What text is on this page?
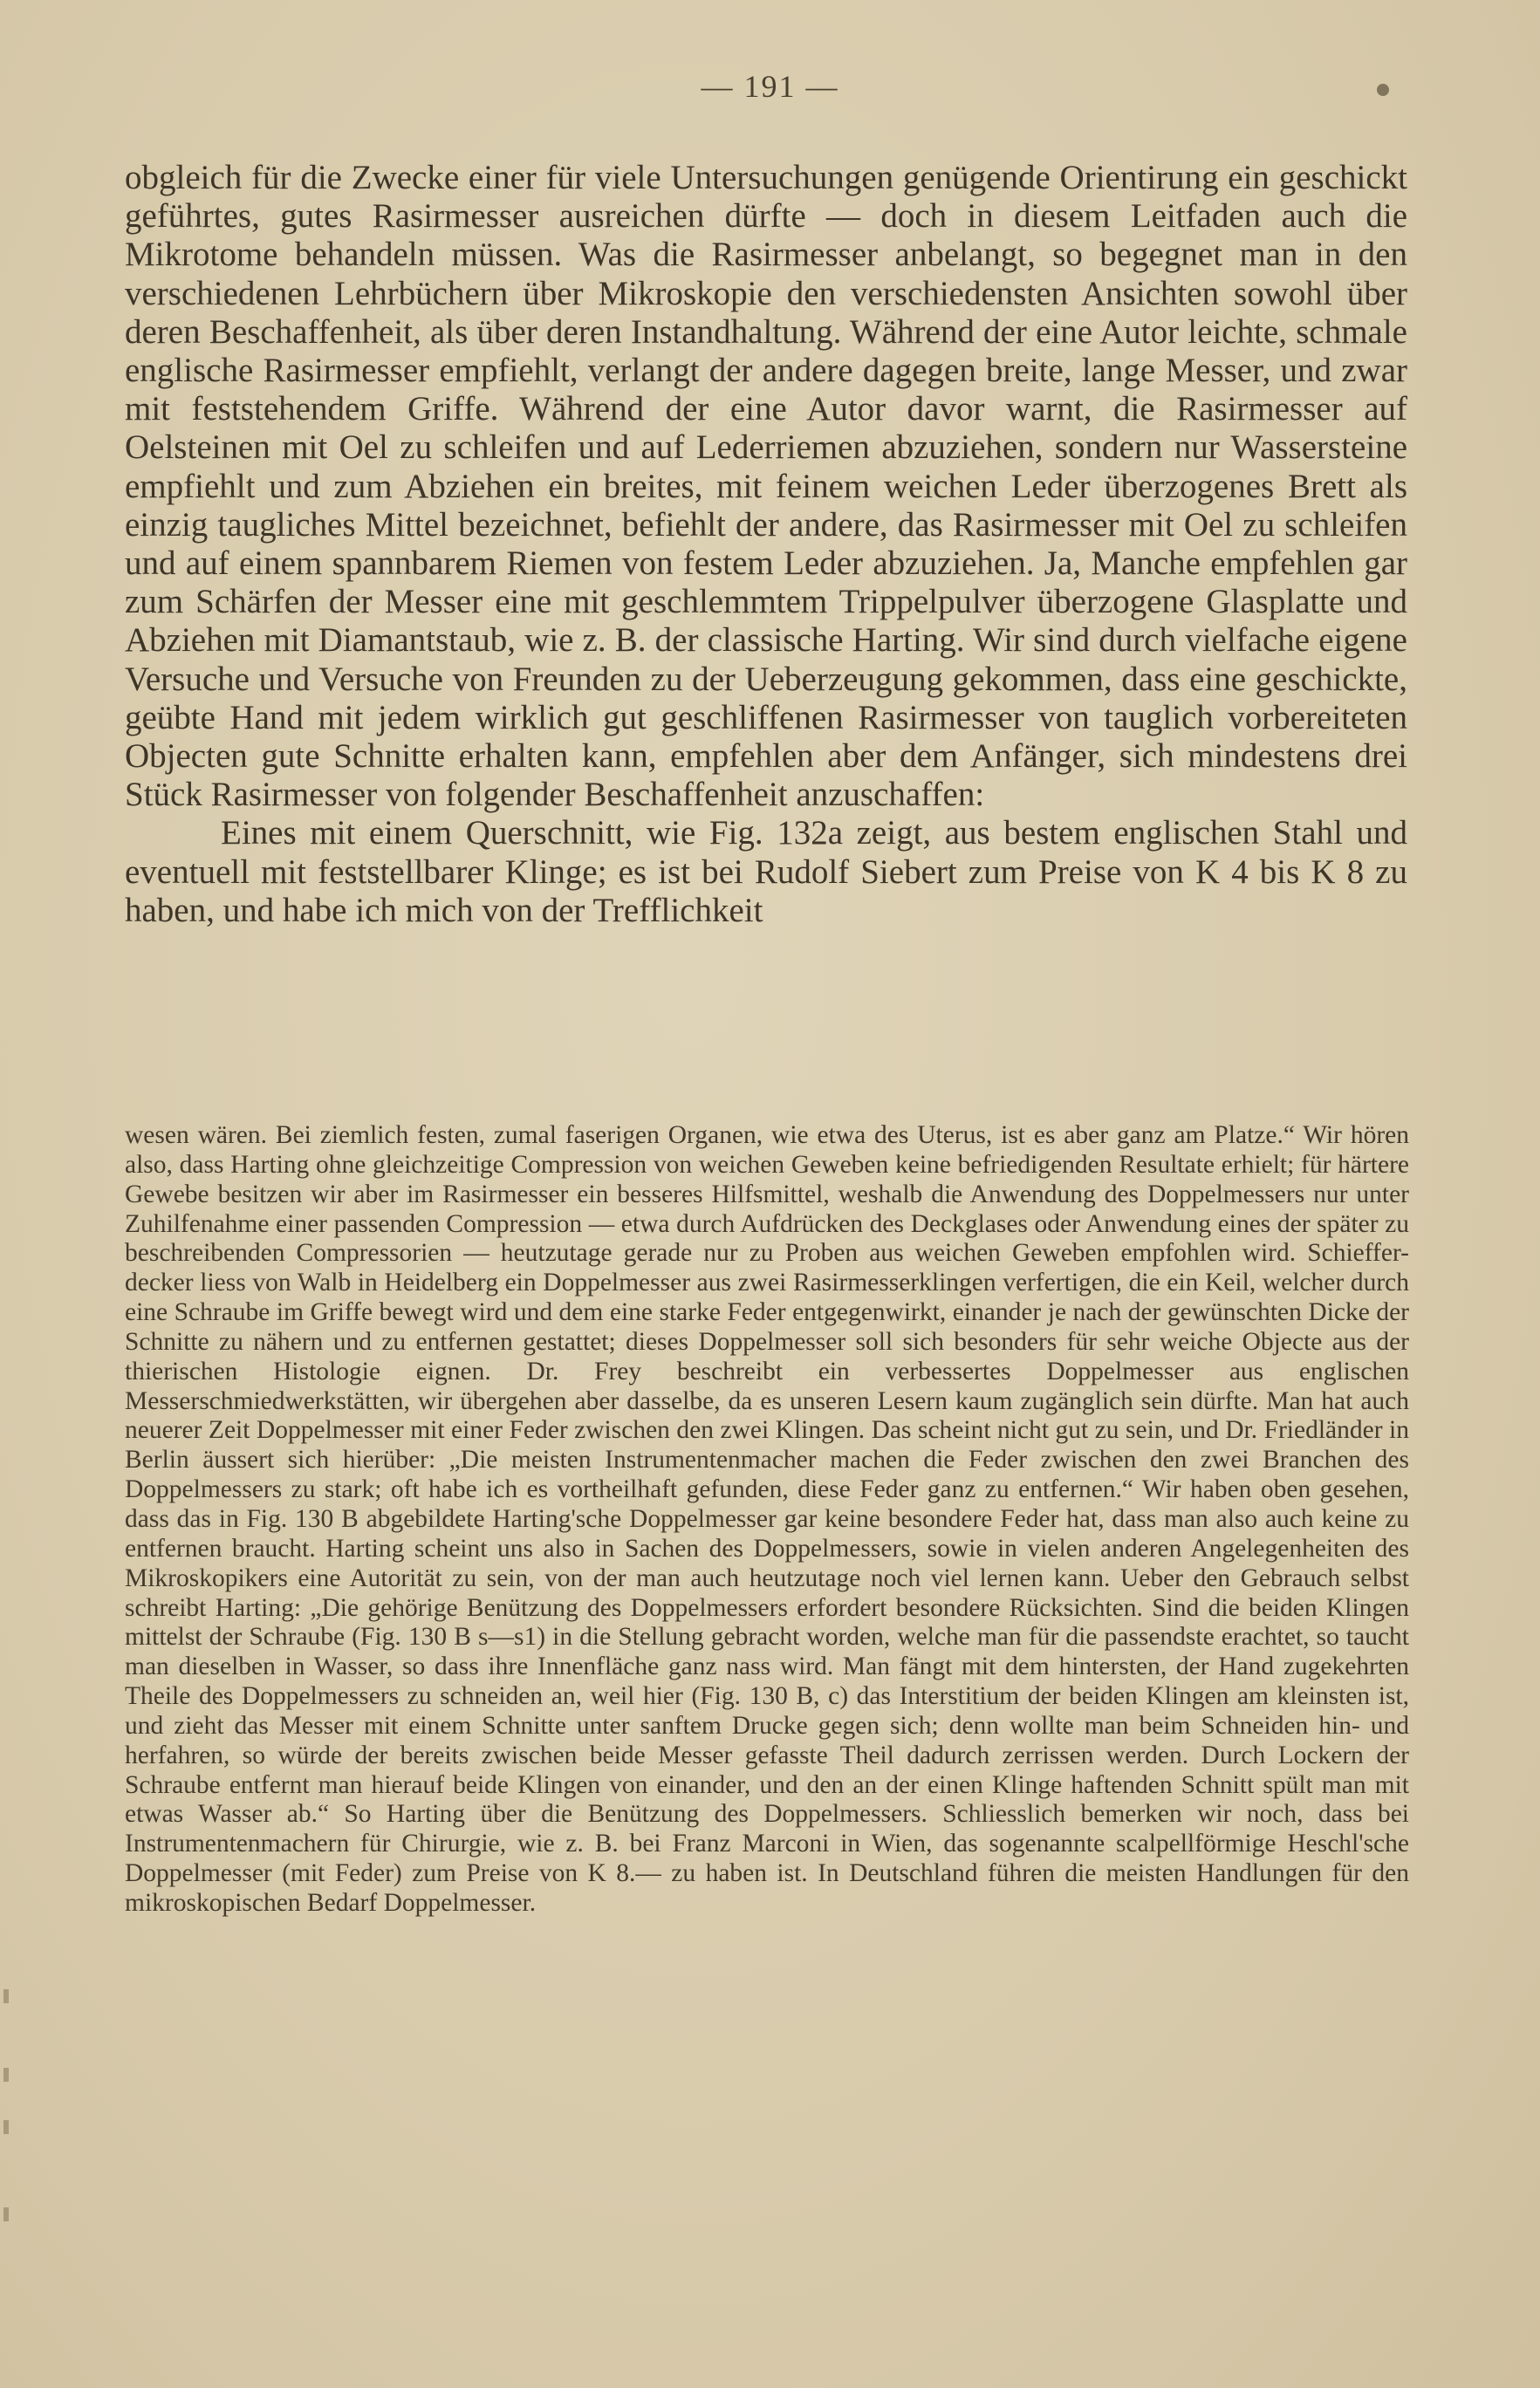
— 191 —

obgleich für die Zwecke einer für viele Untersuchungen genügende Orientirung ein geschickt geführtes, gutes Rasirmesser ausreichen dürfte — doch in diesem Leitfaden auch die Mikrotome behandeln müssen. Was die Rasirmesser anbelangt, so begegnet man in den verschiedenen Lehrbüchern über Mikroskopie den verschiedensten Ansichten sowohl über deren Beschaffenheit, als über deren Instandhaltung. Während der eine Autor leichte, schmale englische Rasirmesser empfiehlt, verlangt der andere dagegen breite, lange Messer, und zwar mit feststehendem Griffe. Während der eine Autor davor warnt, die Rasirmesser auf Oelsteinen mit Oel zu schleifen und auf Lederriemen abzuziehen, sondern nur Wassersteine empfiehlt und zum Abziehen ein breites, mit feinem weichen Leder überzogenes Brett als einzig taugliches Mittel bezeichnet, befiehlt der andere, das Rasirmesser mit Oel zu schleifen und auf einem spannbarem Riemen von festem Leder abzuziehen. Ja, Manche empfehlen gar zum Schärfen der Messer eine mit geschlemmtem Trippelpulver überzogene Glasplatte und Abziehen mit Diamantstaub, wie z. B. der classische Harting. Wir sind durch vielfache eigene Versuche und Versuche von Freunden zu der Ueberzeugung gekommen, dass eine geschickte, geübte Hand mit jedem wirklich gut geschliffenen Rasirmesser von tauglich vorbereiteten Objecten gute Schnitte erhalten kann, empfehlen aber dem Anfänger, sich mindestens drei Stück Rasirmesser von folgender Beschaffenheit anzuschaffen:

Eines mit einem Querschnitt, wie Fig. 132a zeigt, aus bestem englischen Stahl und eventuell mit feststellbarer Klinge; es ist bei Rudolf Siebert zum Preise von K 4 bis K 8 zu haben, und habe ich mich von der Trefflichkeit

wesen wären. Bei ziemlich festen, zumal faserigen Organen, wie etwa des Uterus, ist es aber ganz am Platze.“ Wir hören also, dass Harting ohne gleichzeitige Compression von weichen Geweben keine befriedigenden Resultate erhielt; für härtere Gewebe besitzen wir aber im Rasirmesser ein besseres Hilfsmittel, weshalb die Anwendung des Doppelmessers nur unter Zuhilfenahme einer passenden Compression — etwa durch Aufdrücken des Deckglases oder Anwendung eines der später zu beschreibenden Compressorien — heutzutage gerade nur zu Proben aus weichen Geweben empfohlen wird. Schieffer-decker liess von Walb in Heidelberg ein Doppelmesser aus zwei Rasirmesserklingen verfertigen, die ein Keil, welcher durch eine Schraube im Griffe bewegt wird und dem eine starke Feder entgegenwirkt, einander je nach der gewünschten Dicke der Schnitte zu nähern und zu entfernen gestattet; dieses Doppelmesser soll sich besonders für sehr weiche Objecte aus der thierischen Histologie eignen. Dr. Frey beschreibt ein verbessertes Doppelmesser aus englischen Messerschmiedwerkstätten, wir übergehen aber dasselbe, da es unseren Lesern kaum zugänglich sein dürfte. Man hat auch neuerer Zeit Doppelmesser mit einer Feder zwischen den zwei Klingen. Das scheint nicht gut zu sein, und Dr. Friedländer in Berlin äussert sich hierüber: „Die meisten Instrumentenmacher machen die Feder zwischen den zwei Branchen des Doppelmessers zu stark; oft habe ich es vortheilhaft gefunden, diese Feder ganz zu entfernen.“ Wir haben oben gesehen, dass das in Fig. 130 B abgebildete Harting'sche Doppelmesser gar keine besondere Feder hat, dass man also auch keine zu entfernen braucht. Harting scheint uns also in Sachen des Doppelmessers, sowie in vielen anderen Angelegenheiten des Mikroskopikers eine Autorität zu sein, von der man auch heutzutage noch viel lernen kann. Ueber den Gebrauch selbst schreibt Harting: „Die gehörige Benützung des Doppelmessers erfordert besondere Rücksichten. Sind die beiden Klingen mittelst der Schraube (Fig. 130 B s—s1) in die Stellung gebracht worden, welche man für die passendste erachtet, so taucht man dieselben in Wasser, so dass ihre Innenfläche ganz nass wird. Man fängt mit dem hintersten, der Hand zugekehrten Theile des Doppelmessers zu schneiden an, weil hier (Fig. 130 B, c) das Interstitium der beiden Klingen am kleinsten ist, und zieht das Messer mit einem Schnitte unter sanftem Drucke gegen sich; denn wollte man beim Schneiden hin- und herfahren, so würde der bereits zwischen beide Messer gefasste Theil dadurch zerrissen werden. Durch Lockern der Schraube entfernt man hierauf beide Klingen von einander, und den an der einen Klinge haftenden Schnitt spült man mit etwas Wasser ab.“ So Harting über die Benützung des Doppelmessers. Schliesslich bemerken wir noch, dass bei Instrumentenmachern für Chirurgie, wie z. B. bei Franz Marconi in Wien, das sogenannte scalpellförmige Heschl'sche Doppelmesser (mit Feder) zum Preise von K 8.— zu haben ist. In Deutschland führen die meisten Handlungen für den mikroskopischen Bedarf Doppelmesser.
